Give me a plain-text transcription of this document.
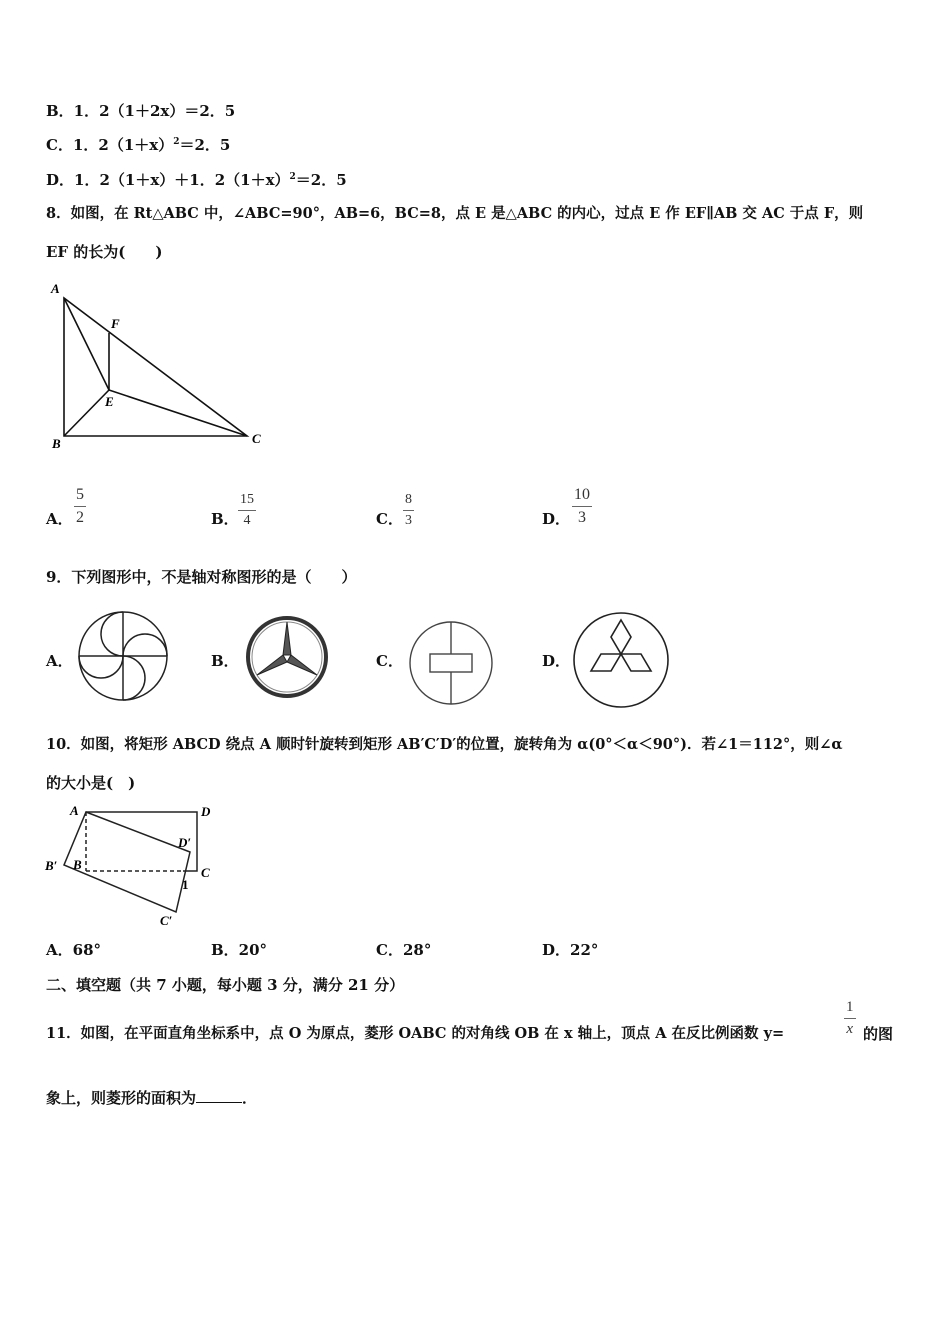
B．1．2（1＋2x）＝2．5
C．1．$2(1+x)^2=2$．5
D．1．2（1＋x）＋1．$2(1+x)^2=2$．5
8．如图，在 Rt△ABC 中，∠ABC=90°，AB=6，BC=8，点 E 是△ABC 的内心，过点 E 作 EF∥AB 交 AC 于点 F，则
EF 的长为(　　)
A
B	C
E
F
A．
5
2	B．
15
4	C．
8
3	D．
10
3
9．下列图形中，不是轴对称图形的是（　　）
A．	B．	C．	D．
10．如图，将矩形 ABCD 绕点 A 顺时针旋转到矩形 AB′C′D′的位置，旋转角为 α(0°＜α＜90°)．若∠1＝112°，则∠α
的大小是(　)
A	D
D′
B
B′	C
1
C′
A．68°	B．20°	C．28°	D．22°
二、填空题（共 7 小题，每小题 3 分，满分 21 分）
11．如图，在平面直角坐标系中，点 O 为原点，菱形 OABC 的对角线 OB 在 x 轴上，顶点 A 在反比例函数 y=
1
x 的图
象上，则菱形的面积为	．
